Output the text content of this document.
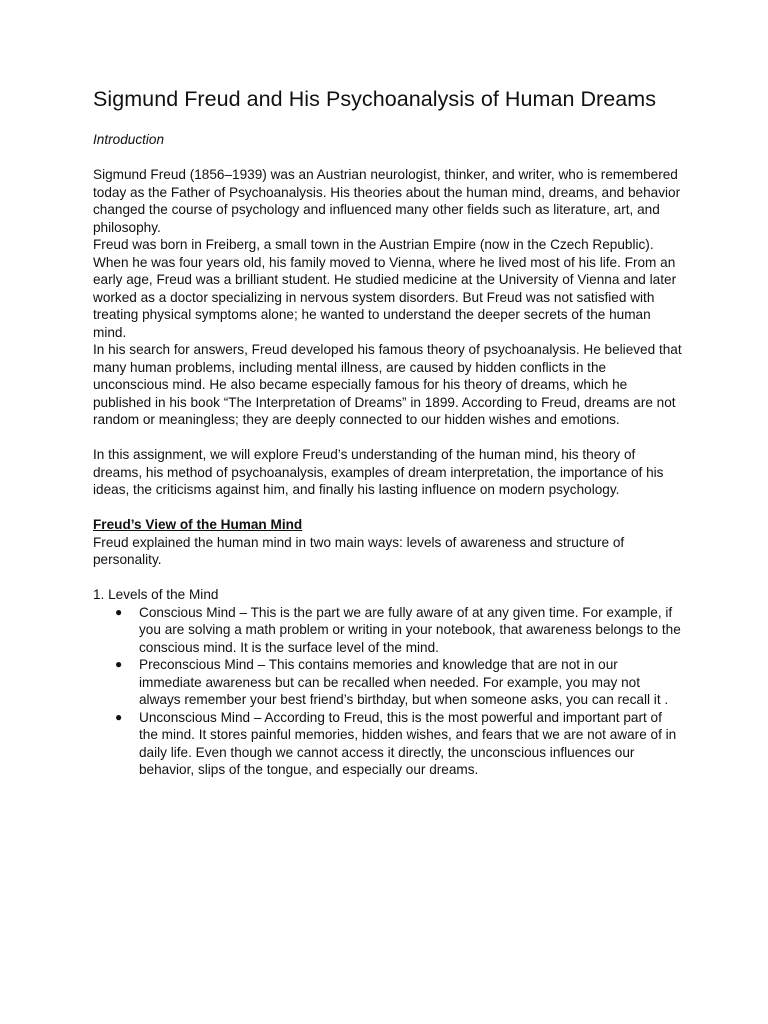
Sigmund Freud and His Psychoanalysis of Human Dreams
Introduction

Sigmund Freud (1856–1939) was an Austrian neurologist, thinker, and writer, who is remembered today as the Father of Psychoanalysis. His theories about the human mind, dreams, and behavior changed the course of psychology and influenced many other fields such as literature, art, and philosophy.

Freud was born in Freiberg, a small town in the Austrian Empire (now in the Czech Republic). When he was four years old, his family moved to Vienna, where he lived most of his life. From an early age, Freud was a brilliant student. He studied medicine at the University of Vienna and later worked as a doctor specializing in nervous system disorders. But Freud was not satisfied with treating physical symptoms alone; he wanted to understand the deeper secrets of the human mind.

In his search for answers, Freud developed his famous theory of psychoanalysis. He believed that many human problems, including mental illness, are caused by hidden conflicts in the unconscious mind. He also became especially famous for his theory of dreams, which he published in his book “The Interpretation of Dreams” in 1899. According to Freud, dreams are not random or meaningless; they are deeply connected to our hidden wishes and emotions.

In this assignment, we will explore Freud’s understanding of the human mind, his theory of dreams, his method of psychoanalysis, examples of dream interpretation, the importance of his ideas, the criticisms against him, and finally his lasting influence on modern psychology.

Freud’s View of the Human Mind

Freud explained the human mind in two main ways: levels of awareness and structure of personality.

1. Levels of the Mind

● Conscious Mind – This is the part we are fully aware of at any given time. For example, if you are solving a math problem or writing in your notebook, that awareness belongs to the conscious mind. It is the surface level of the mind.
● Preconscious Mind – This contains memories and knowledge that are not in our immediate awareness but can be recalled when needed. For example, you may not always remember your best friend’s birthday, but when someone asks, you can recall it .
● Unconscious Mind – According to Freud, this is the most powerful and important part of the mind. It stores painful memories, hidden wishes, and fears that we are not aware of in daily life. Even though we cannot access it directly, the unconscious influences our behavior, slips of the tongue, and especially our dreams.
